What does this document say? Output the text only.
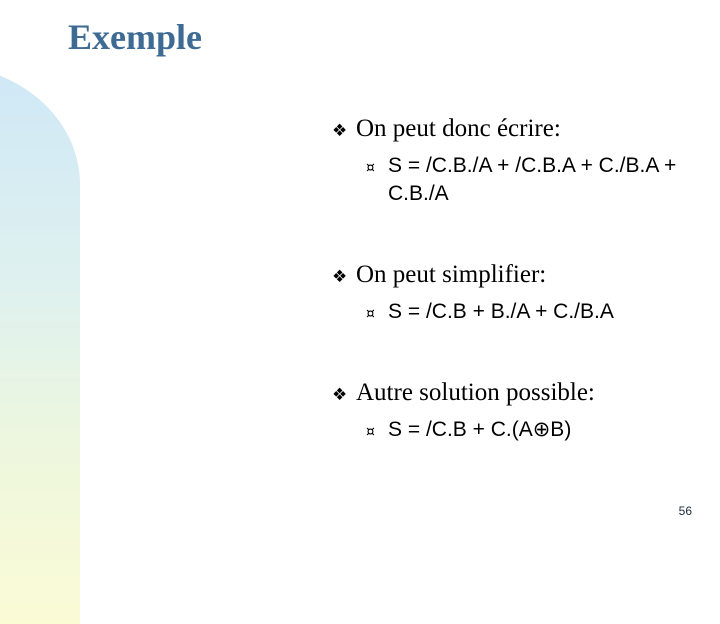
Exemple
❖ On peut donc écrire:
¤ S = /C.B./A + /C.B.A + C./B.A + C.B./A
❖ On peut simplifier:
¤ S = /C.B + B./A + C./B.A
❖ Autre solution possible:
¤ S = /C.B + C.(A⊕B)
56
